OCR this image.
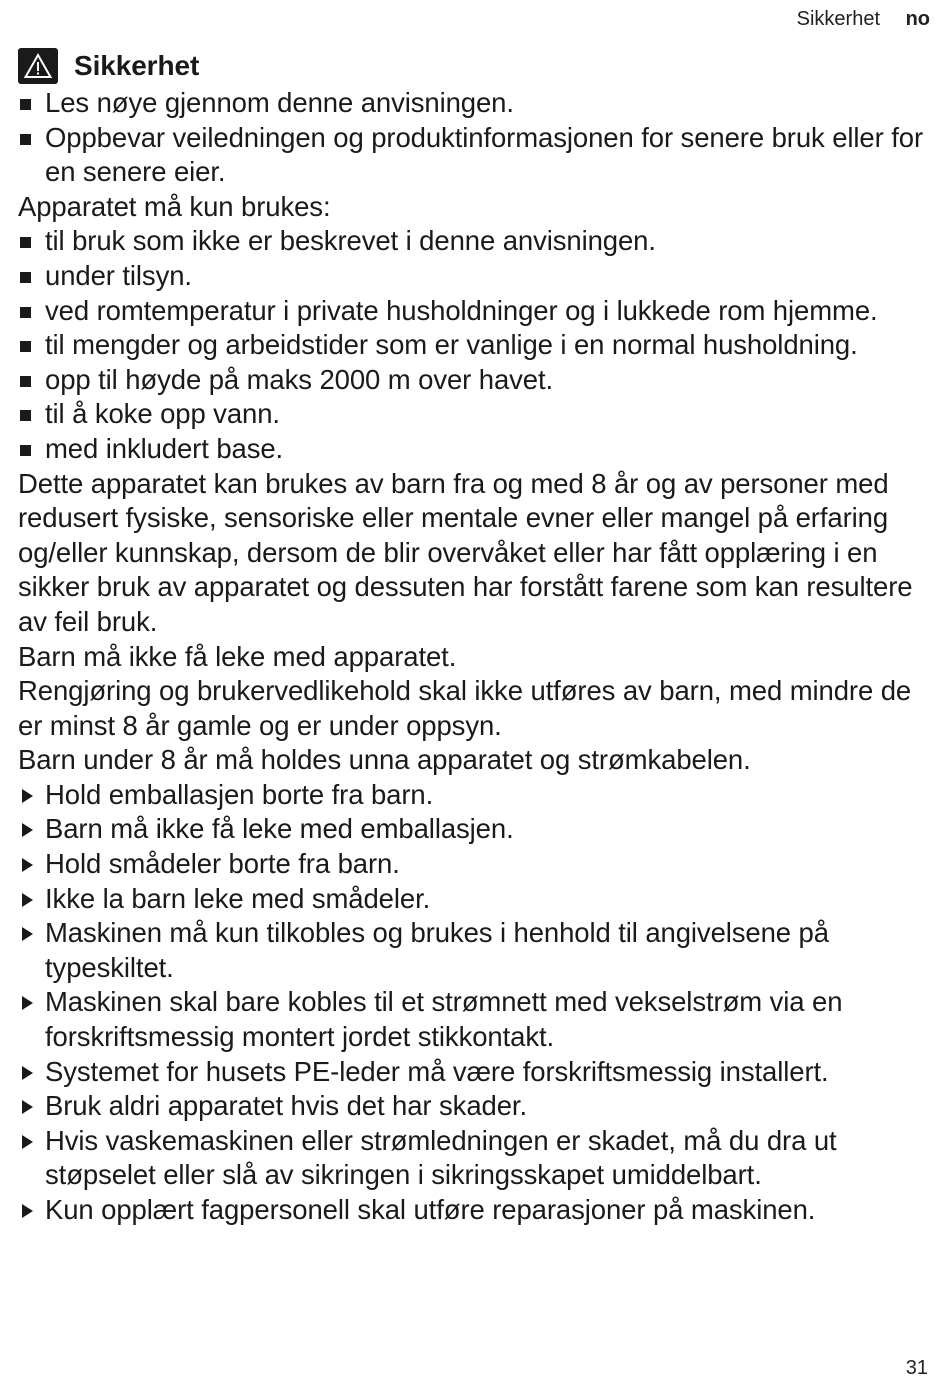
Sikkerhet no
Sikkerhet
Les nøye gjennom denne anvisningen.
Oppbevar veiledningen og produktinformasjonen for senere bruk eller for en senere eier.
Apparatet må kun brukes:
til bruk som ikke er beskrevet i denne anvisningen.
under tilsyn.
ved romtemperatur i private husholdninger og i lukkede rom hjemme.
til mengder og arbeidstider som er vanlige i en normal husholdning.
opp til høyde på maks 2000 m over havet.
til å koke opp vann.
med inkludert base.
Dette apparatet kan brukes av barn fra og med 8 år og av personer med redusert fysiske, sensoriske eller mentale evner eller mangel på erfaring og/eller kunnskap, dersom de blir overvåket eller har fått opplæring i en sikker bruk av apparatet og dessuten har forstått farene som kan resultere av feil bruk.
Barn må ikke få leke med apparatet.
Rengjøring og brukervedlikehold skal ikke utføres av barn, med mindre de er minst 8 år gamle og er under oppsyn.
Barn under 8 år må holdes unna apparatet og strømkabelen.
Hold emballasjen borte fra barn.
Barn må ikke få leke med emballasjen.
Hold smådeler borte fra barn.
Ikke la barn leke med smådeler.
Maskinen må kun tilkobles og brukes i henhold til angivelsene på typeskiltet.
Maskinen skal bare kobles til et strømnett med vekselstrøm via en forskriftsmessig montert jordet stikkontakt.
Systemet for husets PE-leder må være forskriftsmessig installert.
Bruk aldri apparatet hvis det har skader.
Hvis vaskemaskinen eller strømledningen er skadet, må du dra ut støpselet eller slå av sikringen i sikringsskapet umiddelbart.
Kun opplært fagpersonell skal utføre reparasjoner på maskinen.
31
